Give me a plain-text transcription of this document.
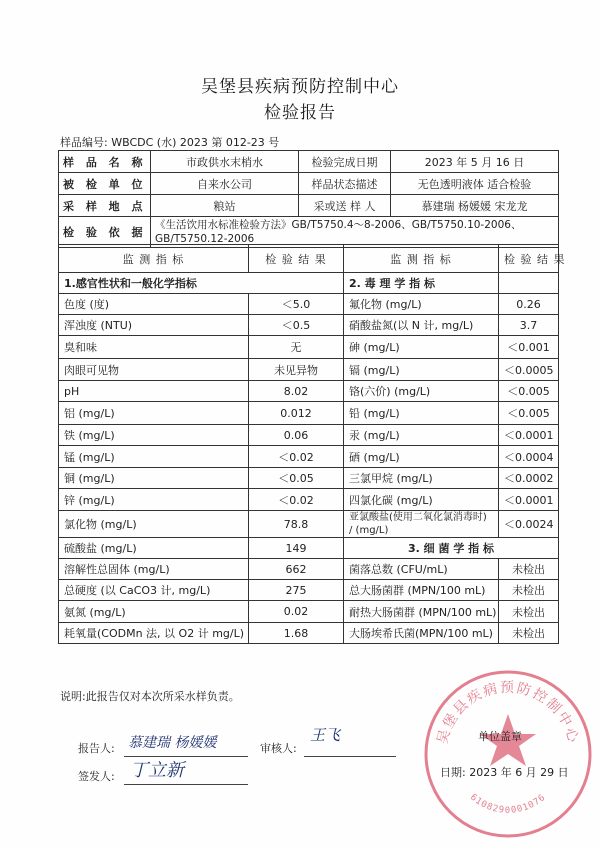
吴堡县疾病预防控制中心
检验报告
样品编号: WBCDC (水) 2023 第 012-23 号
样 品 名 称	市政供水末梢水	检验完成日期	2023 年 5 月 16 日
被 检 单 位	自来水公司	样品状态描述	无色透明液体 适合检验
采 样 地 点	粮站	采或送 样 人	慕建瑞 杨媛媛 宋龙龙
检 验 依 据	《生活饮用水标准检验方法》GB/T5750.4～8-2006、GB/T5750.10-2006、GB/T5750.12-2006		
监 测 指 标	检 验 结 果	监 测 指 标	检 验 结 果
1.感官性状和一般化学指标		2. 毒 理 学 指 标	
色度 (度)	＜5.0	氟化物 (mg/L)	0.26
浑浊度 (NTU)	＜0.5	硝酸盐氮(以 N 计, mg/L)	3.7
臭和味	无	砷 (mg/L)	＜0.001
肉眼可见物	未见异物	镉 (mg/L)	＜0.0005
pH	8.02	铬(六价) (mg/L)	＜0.005
铝 (mg/L)	0.012	铅 (mg/L)	＜0.005
铁 (mg/L)	0.06	汞 (mg/L)	＜0.0001
锰 (mg/L)	＜0.02	硒 (mg/L)	＜0.0004
铜 (mg/L)	＜0.05	三氯甲烷 (mg/L)	＜0.0002
锌 (mg/L)	＜0.02	四氯化碳 (mg/L)	＜0.0001
氯化物 (mg/L)	78.8	亚氯酸盐(使用二氧化氯消毒时) / (mg/L)	＜0.0024
硫酸盐 (mg/L)	149	3. 细 菌 学 指 标	
溶解性总固体 (mg/L)	662	菌落总数 (CFU/mL)	未检出
总硬度 (以 CaCO3 计, mg/L)	275	总大肠菌群 (MPN/100 mL)	未检出
氨氮 (mg/L)	0.02	耐热大肠菌群 (MPN/100 mL)	未检出
耗氧量(CODMn 法, 以 O2 计 mg/L)	1.68	大肠埃希氏菌(MPN/100 mL)	未检出
说明:此报告仅对本次所采水样负责。
报告人: 慕建瑞 杨媛媛	审核人:
王飞
签发人: 丁立新
吴堡县疾病预防控制中心
6108290001076
单位盖章
日期: 2023 年 6 月 29 日
